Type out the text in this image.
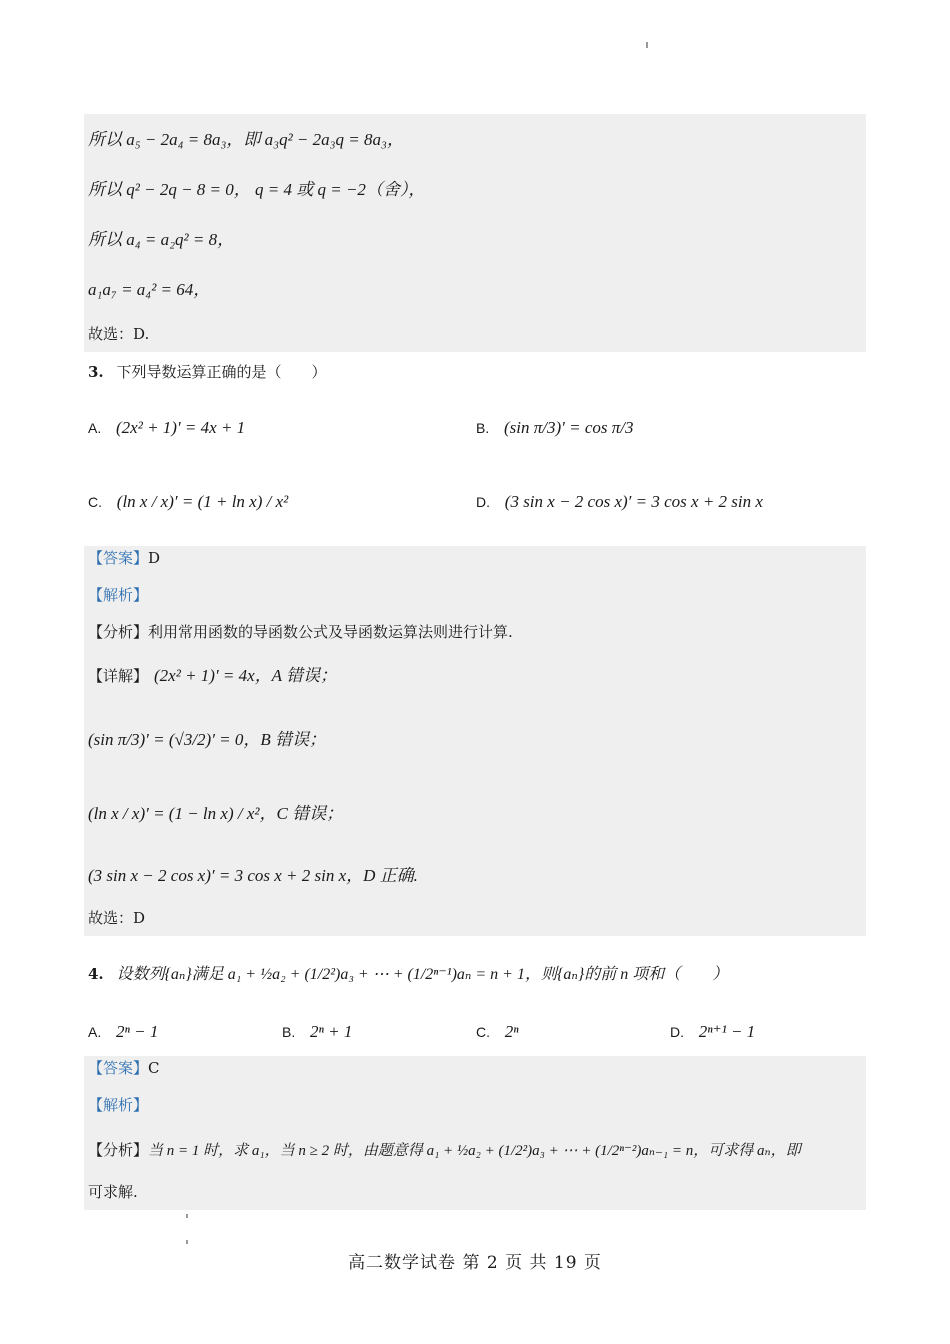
所以 a₅ − 2a₄ = 8a₃，即 a₃q² − 2a₃q = 8a₃，
所以 q² − 2q − 8 = 0， q = 4 或 q = −2（舍），
所以 a₄ = a₂q² = 8，
a₁a₇ = a₄² = 64，
故选：D.
3. 下列导数运算正确的是（　　）
A. (2x² + 1)′ = 4x + 1	B. (sin π/3)′ = cos π/3
C. (ln x / x)′ = (1 + ln x) / x²	D. (3 sin x − 2 cos x)′ = 3 cos x + 2 sin x
【答案】D
【解析】
【分析】利用常用函数的导函数公式及导函数运算法则进行计算.
【详解】 (2x² + 1)′ = 4x，A 错误；
(sin π/3)′ = (√3/2)′ = 0，B 错误；
(ln x / x)′ = (1 − ln x) / x²，C 错误；
(3 sin x − 2 cos x)′ = 3 cos x + 2 sin x，D 正确.
故选：D
4. 设数列{aₙ}满足 a₁ + ½a₂ + (1/2²)a₃ + ⋯ + (1/2ⁿ⁻¹)aₙ = n + 1，则{aₙ}的前 n 项和（　　）
A. 2ⁿ − 1	B. 2ⁿ + 1	C. 2ⁿ	D. 2ⁿ⁺¹ − 1
【答案】C
【解析】
【分析】当 n = 1 时，求 a₁，当 n ≥ 2 时，由题意得 a₁ + ½a₂ + (1/2²)a₃ + ⋯ + (1/2ⁿ⁻²)aₙ₋₁ = n，可求得 aₙ，即
可求解.
高二数学试卷 第 2 页 共 19 页
